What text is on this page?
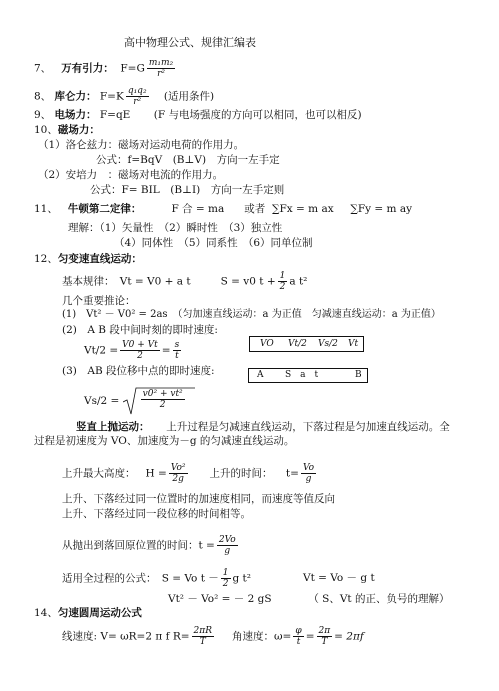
高中物理公式、规律汇编表
7、 万有引力： $F=G \frac{\text{m₁m₂}}{\text{r²}}$
8、 库仑力： $F=K \frac{\text{q₁q₂}}{\text{r²}}$ (适用条件)
9、 电场力： F=qE (F 与电场强度的方向可以相同，也可以相反)
10、磁场力：
（1）洛仑兹力：磁场对运动电荷的作用力。
公式：f=BqV　(B⊥V)　方向一左手定
（2）安培力　：磁场对电流的作用力。
公式：F= BIL　(B⊥I)　方向一左手定则
11、 牛顿第二定律：	F 合 = ma 或者 ∑Fx = m ax ∑Fy = m ay
理解：（1）矢量性　（2）瞬时性　（3）独立性
（4）同体性　（5）同系性　（6）同单位制
12、匀变速直线运动：
基本规律：　Vt = V0 + a t	S = v0 $t + \frac{1}{2}$ a t²
几个重要推论：
(1)　Vt² － V0² = 2as　（匀加速直线运动：a 为正值　匀减速直线运动：a 为正值）
(2)　A B 段中间时刻的即时速度:
$Vt/2 = \frac{V0 + Vt}{2} = \frac{s}{t}$	VO Vt/2 Vs/2 Vt
(3)　AB 段位移中点的即时速度:	A S　a　t	B
$Vs/2 = \frac{\text{v0² + vt²}}{2}$
竖直上抛运动： 上升过程是匀减速直线运动，下落过程是匀加速直线运动。全
过程是初速度为 VO、加速度为－g 的匀减速直线运动。
上升最大高度： $H = \frac{\text{Vo²}}{2g}$ 上升的时间： $t= \frac{Vo}{g}$
上升、下落经过同一位置时的加速度相同，而速度等值反向
上升、下落经过同一段位移的时间相等。
从抛出到落回原位置的时间：$t = \frac{2Vo}{g}$
适用全过程的公式：　S = Vo $t - \frac{1}{2}$ g t²	Vt = Vo － g t
Vt² － Vo² = － 2 gS	（ S、Vt 的正、负号的理解）
14、匀速圆周运动公式
线速度: V= ωR=2 π f $R= \frac{2\pi R}{T}$ 角速度：$\omega= \frac{\varphi}{t} = \frac{2\pi}{T} = 2\pi f$
